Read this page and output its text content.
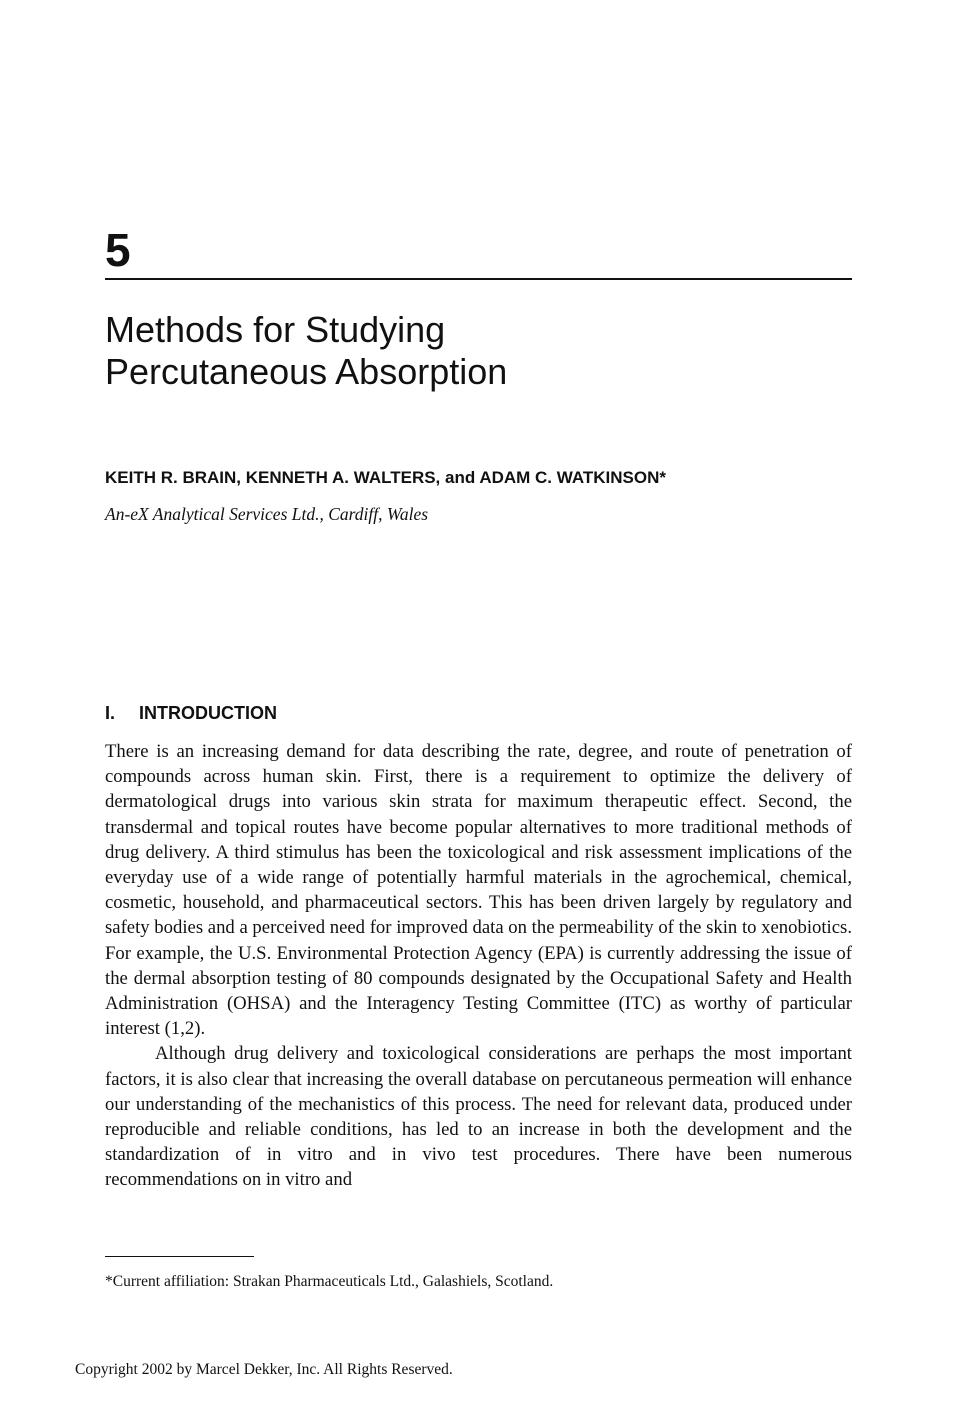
5
Methods for Studying
Percutaneous Absorption

KEITH R. BRAIN, KENNETH A. WALTERS, and ADAM C. WATKINSON*

An-eX Analytical Services Ltd., Cardiff, Wales

I. INTRODUCTION

There is an increasing demand for data describing the rate, degree, and route of penetration of compounds across human skin. First, there is a requirement to optimize the delivery of dermatological drugs into various skin strata for maximum therapeutic effect. Second, the transdermal and topical routes have become popular alternatives to more traditional methods of drug delivery. A third stimulus has been the toxicological and risk assessment implications of the everyday use of a wide range of potentially harmful materials in the agrochemical, chemical, cosmetic, household, and pharmaceutical sectors. This has been driven largely by regulatory and safety bodies and a perceived need for improved data on the permeability of the skin to xenobiotics. For example, the U.S. Environmental Protection Agency (EPA) is currently addressing the issue of the dermal absorption testing of 80 compounds designated by the Occupational Safety and Health Administration (OHSA) and the Interagency Testing Committee (ITC) as worthy of particular interest (1,2).

Although drug delivery and toxicological considerations are perhaps the most important factors, it is also clear that increasing the overall database on percutaneous permeation will enhance our understanding of the mechanistics of this process. The need for relevant data, produced under reproducible and reliable conditions, has led to an increase in both the development and the standardization of in vitro and in vivo test procedures. There have been numerous recommendations on in vitro and

*Current affiliation: Strakan Pharmaceuticals Ltd., Galashiels, Scotland.

Copyright 2002 by Marcel Dekker, Inc. All Rights Reserved.
